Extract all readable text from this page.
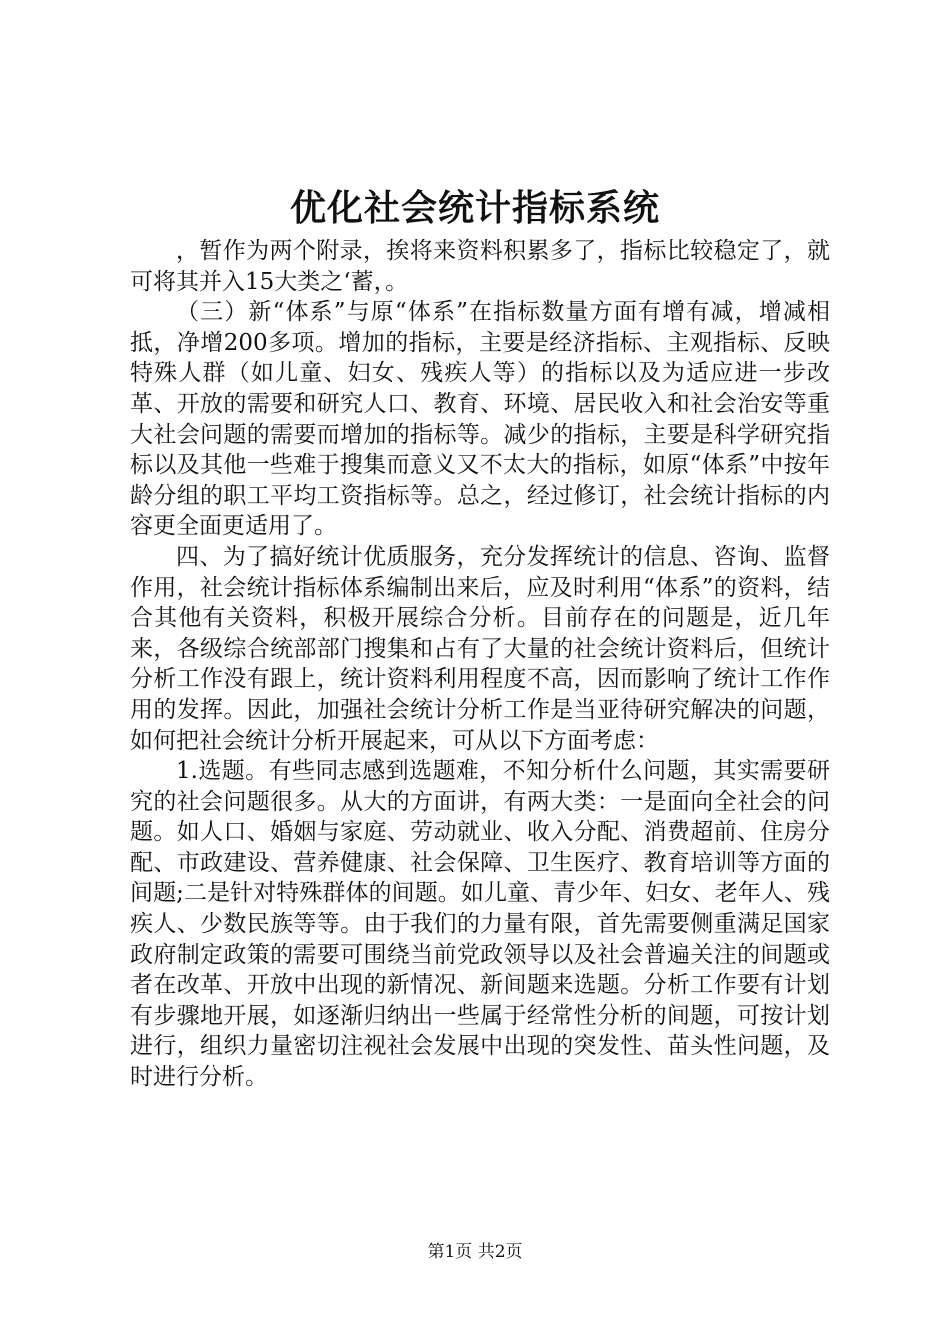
优化社会统计指标系统

，暂作为两个附录，挨将来资料积累多了，指标比较稳定了，就可将其并入15大类之‘蓄，。

（三）新“体系”与原“体系”在指标数量方面有增有减，增减相抵，净增200多项。增加的指标，主要是经济指标、主观指标、反映特殊人群（如儿童、妇女、残疾人等）的指标以及为适应进一步改革、开放的需要和研究人口、教育、环境、居民收入和社会治安等重大社会问题的需要而增加的指标等。减少的指标，主要是科学研究指标以及其他一些难于搜集而意义又不太大的指标，如原“体系”中按年龄分组的职工平均工资指标等。总之，经过修订，社会统计指标的内容更全面更适用了。

四、为了搞好统计优质服务，充分发挥统计的信息、咨询、监督作用，社会统计指标体系编制出来后，应及时利用“体系”的资料，结合其他有关资料，积极开展综合分析。目前存在的问题是，近几年来，各级综合统部部门搜集和占有了大量的社会统计资料后，但统计分析工作没有跟上，统计资料利用程度不高，因而影响了统计工作作用的发挥。因此，加强社会统计分析工作是当亚待研究解决的问题，如何把社会统计分析开展起来，可从以下方面考虑：

1.选题。有些同志感到选题难，不知分析什么问题，其实需要研究的社会问题很多。从大的方面讲，有两大类：一是面向全社会的问题。如人口、婚姻与家庭、劳动就业、收入分配、消费超前、住房分配、市政建设、营养健康、社会保障、卫生医疗、教育培训等方面的间题;二是针对特殊群体的间题。如儿童、青少年、妇女、老年人、残疾人、少数民族等等。由于我们的力量有限，首先需要侧重满足国家政府制定政策的需要可围绕当前党政领导以及社会普遍关注的间题或者在改革、开放中出现的新情况、新间题来选题。分析工作要有计划有步骤地开展，如逐渐归纳出一些属于经常性分析的间题，可按计划进行，组织力量密切注视社会发展中出现的突发性、苗头性问题，及时进行分析。

第1页 共2页
